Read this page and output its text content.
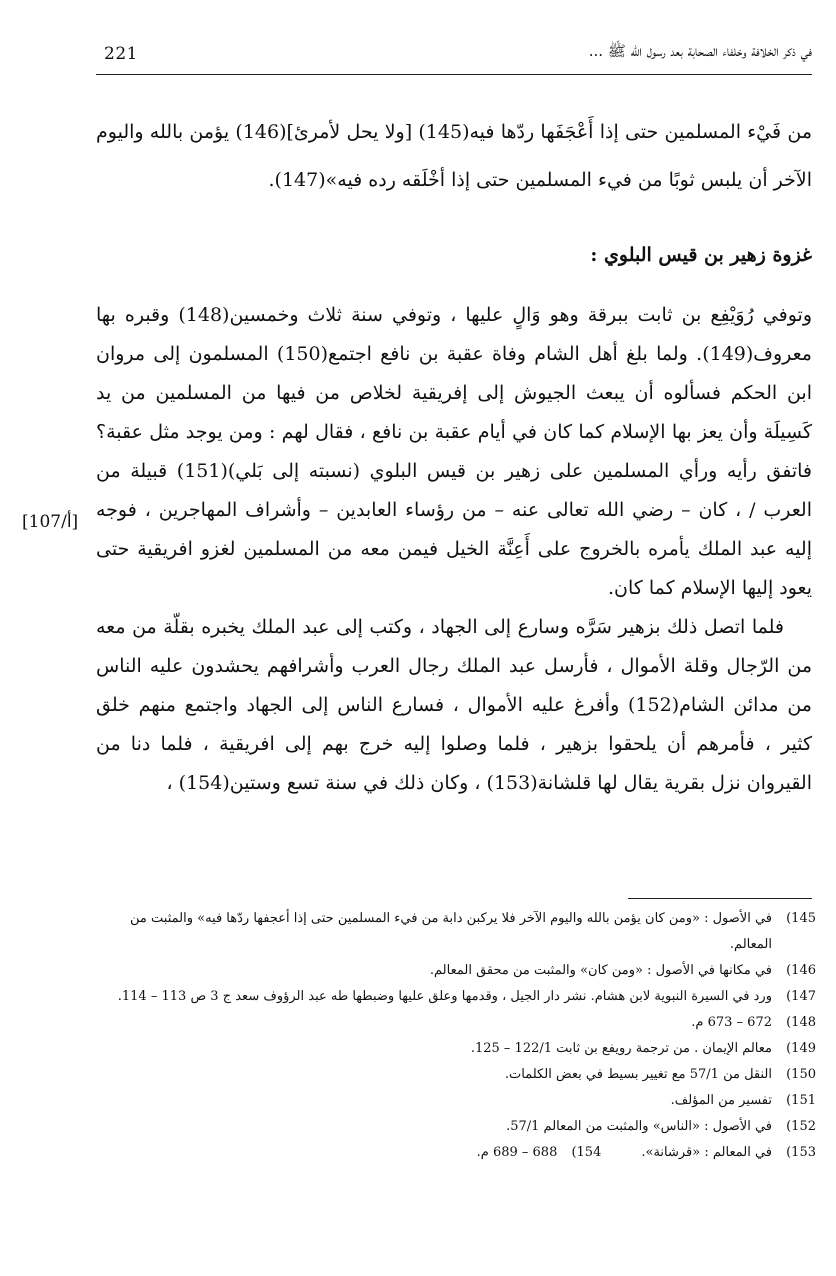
221	في ذكر الخلافة وخلفاء الصحابة بعد رسول الله ﷺ ...
من فَيْء المسلمين حتى إذا أَعْجَفَها ردّها فيه(145) [ولا يحل لأمرئ](146) يؤمن بالله واليوم الآخر أن يلبس ثوبًا من فيء المسلمين حتى إذا أخْلَقه رده فيه»(147).
غزوة زهير بن قيس البلوي :

وتوفي رُوَيْفِع بن ثابت ببرقة وهو وَالٍ عليها ، وتوفي سنة ثلاث وخمسين(148) وقبره بها معروف(149). ولما بلغ أهل الشام وفاة عقبة بن نافع اجتمع(150) المسلمون إلى مروان ابن الحكم فسألوه أن يبعث الجيوش إلى إفريقية لخلاص من فيها من المسلمين من يد كَسِيلَة وأن يعز بها الإسلام كما كان في أيام عقبة بن نافع ، فقال لهم : ومن يوجد مثل عقبة؟ فاتفق رأيه ورأي المسلمين على زهير بن قيس البلوي (نسبته إلى بَلي)(151) قبيلة من العرب / ، كان – رضي الله تعالى عنه – من رؤساء العابدين – وأشراف المهاجرين ، فوجه إليه عبد الملك يأمره بالخروج على أَعِنَّة الخيل فيمن معه من المسلمين لغزو افريقية حتى يعود إليها الإسلام كما كان.

فلما اتصل ذلك بزهير سَرَّه وسارع إلى الجهاد ، وكتب إلى عبد الملك يخبره بقلّة من معه من الرّجال وقلة الأموال ، فأرسل عبد الملك رجال العرب وأشرافهم يحشدون عليه الناس من مدائن الشام(152) وأفرغ عليه الأموال ، فسارع الناس إلى الجهاد واجتمع منهم خلق كثير ، فأمرهم أن يلحقوا بزهير ، فلما وصلوا إليه خرج بهم إلى افريقية ، فلما دنا من القيروان نزل بقرية يقال لها قلشانة(153) ، وكان ذلك في سنة تسع وستين(154) ،

[107/أ]
145)
في الأصول : «ومن كان يؤمن بالله واليوم الآخر فلا يركبن دابة من فيء المسلمين حتى إذا أعجفها ردّها فيه» والمثبت من المعالم.
146)
في مكانها في الأصول : «ومن كان» والمثبت من محقق المعالم.
147)
ورد في السيرة النبوية لابن هشام. نشر دار الجيل ، وقدمها وعلق عليها وضبطها طه عبد الرؤوف سعد ج 3 ص 113 – 114.
148)
672 – 673 م.
149)
معالم الإيمان . من ترجمة رويفع بن ثابت 122/1 – 125.
150)
النقل من 57/1 مع تغيير بسيط في بعض الكلمات.
151)
تفسير من المؤلف.
152)
في الأصول : «الناس» والمثبت من المعالم 57/1.
153)
في المعالم : «قرشانة».
154)
688 – 689 م.
